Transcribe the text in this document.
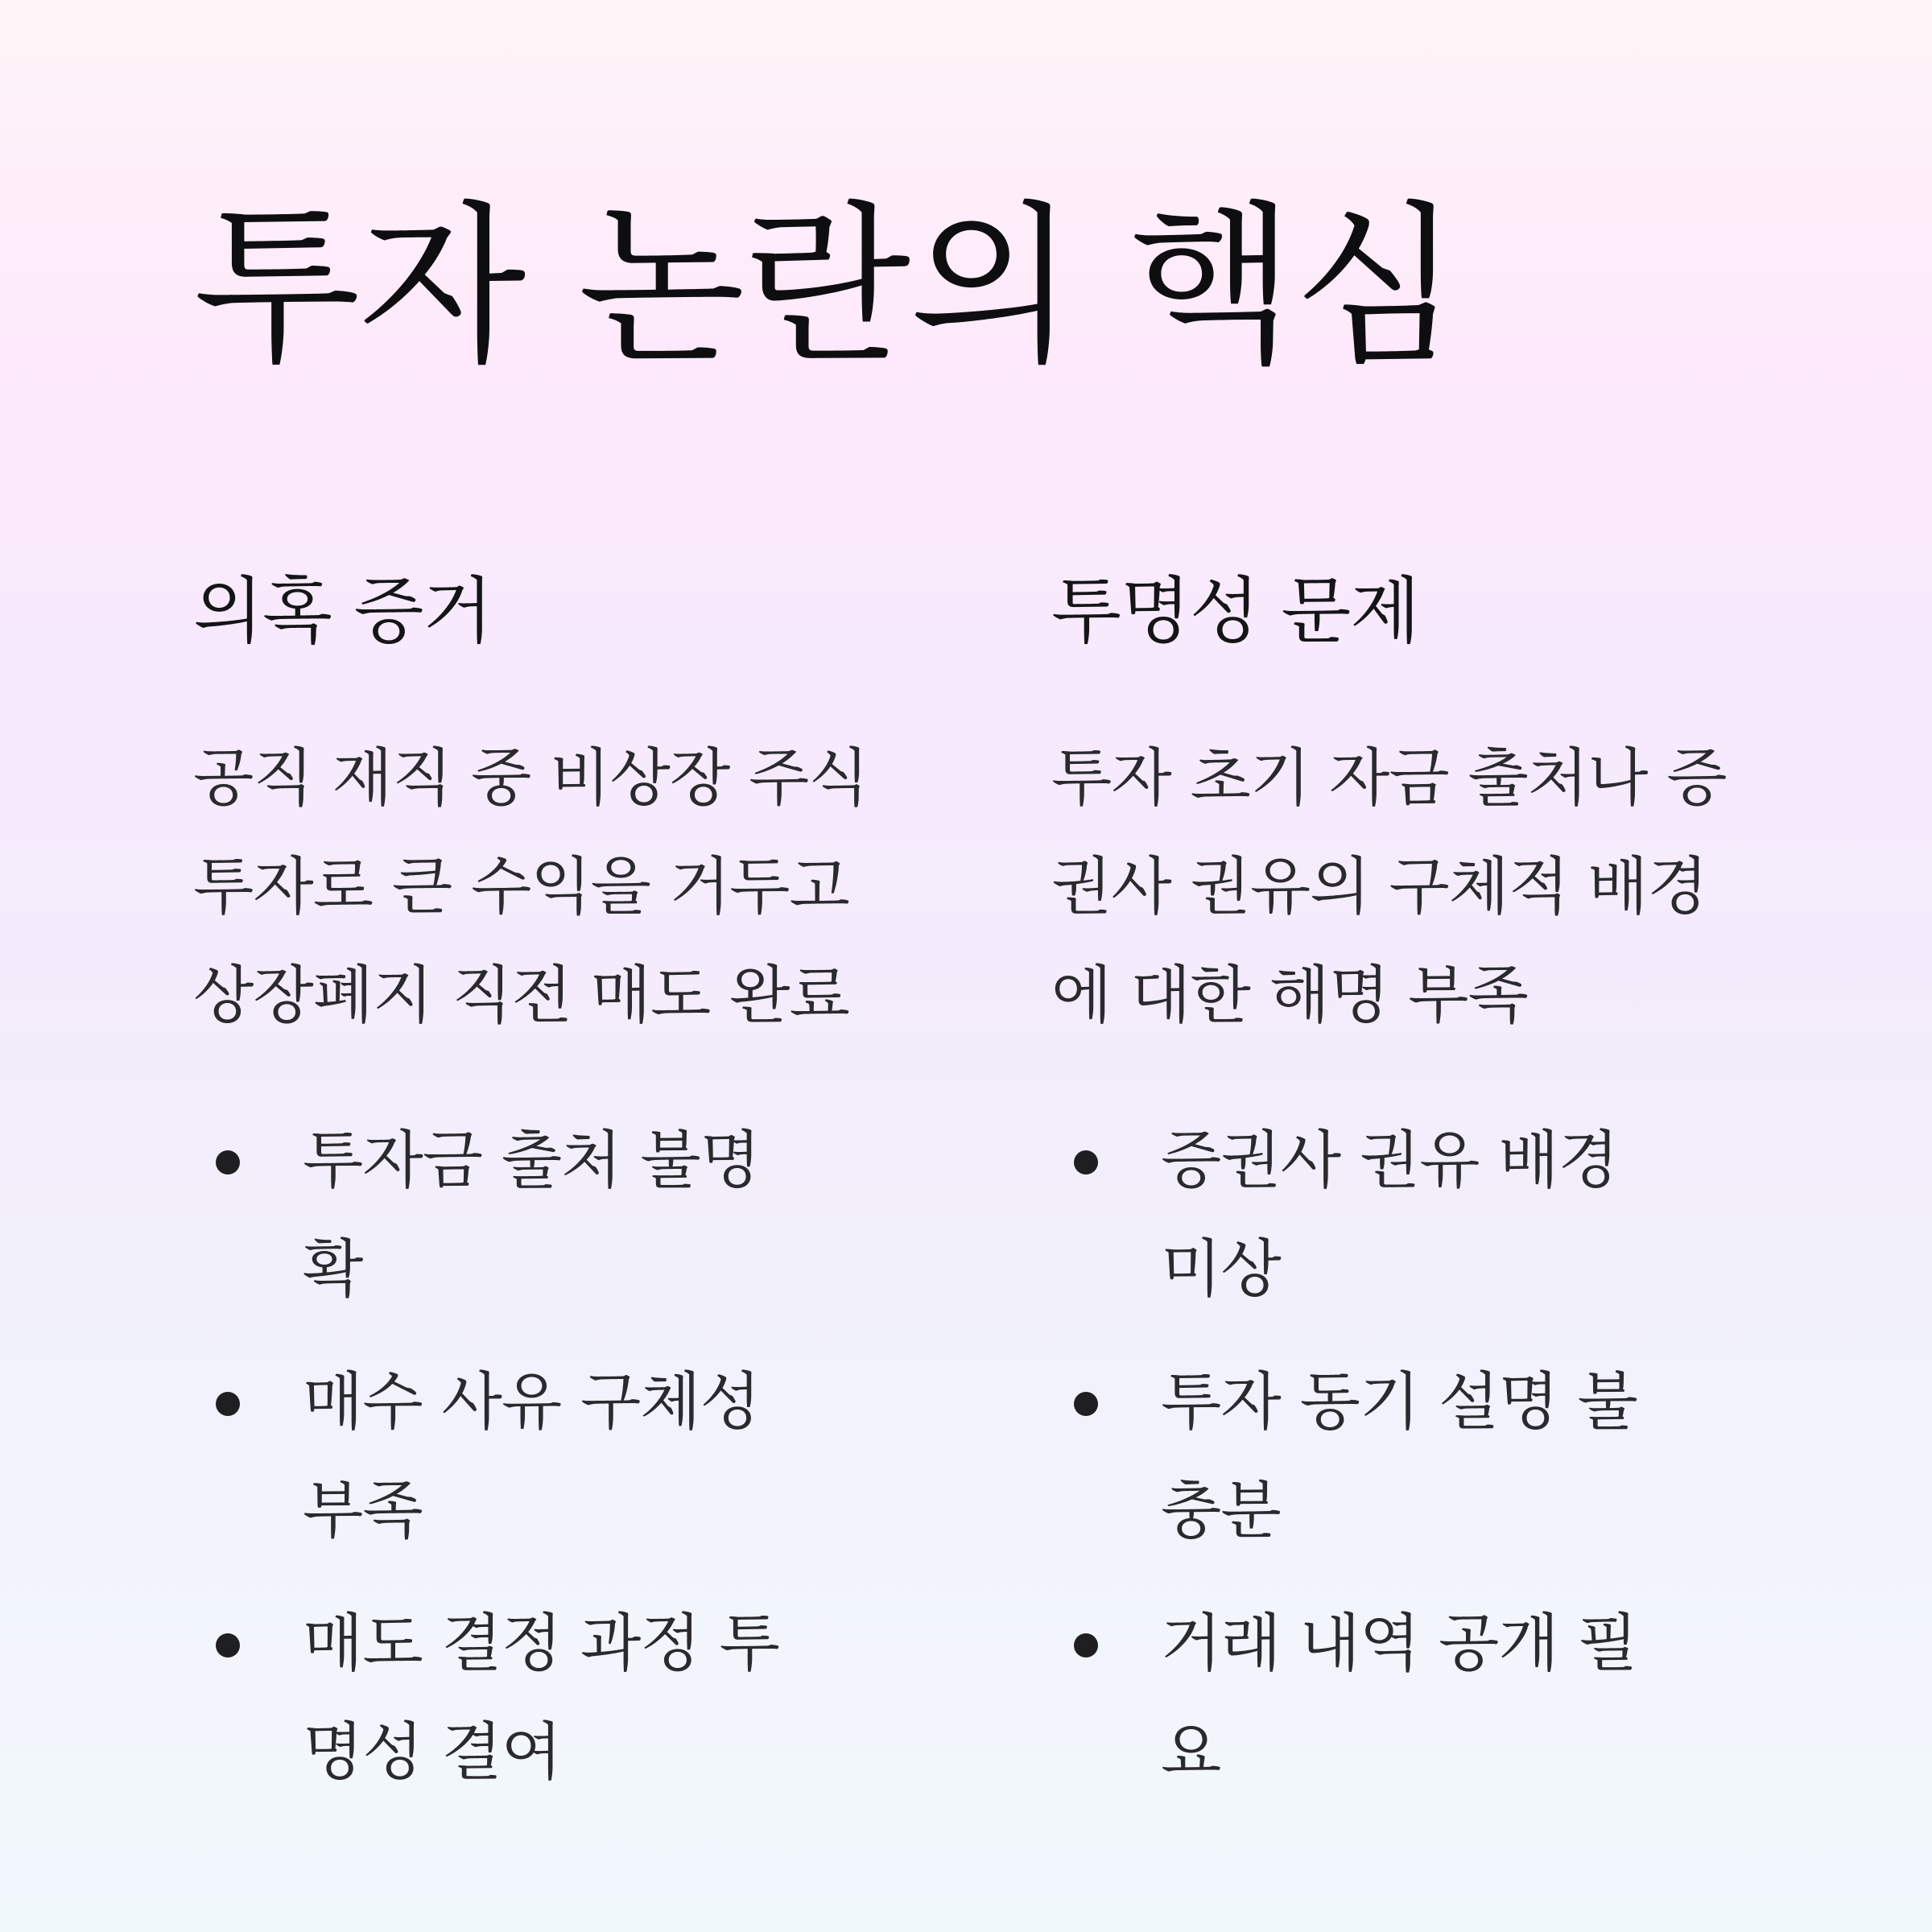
투자 논란의 핵심
의혹 증거

공직 재직 중 비상장 주식 투자로 큰 수익을 거두고 상장폐지 직전 매도 완료

투자금 출처 불명확
매수 사유 구체성 부족
매도 결정 과정 투명성 결여
투명성 문제

투자 초기 자금 출처나 증권사 권유의 구체적 배경에 대한 해명 부족

증권사 권유 배경 미상
투자 동기 설명 불충분
거래 내역 공개 필요
